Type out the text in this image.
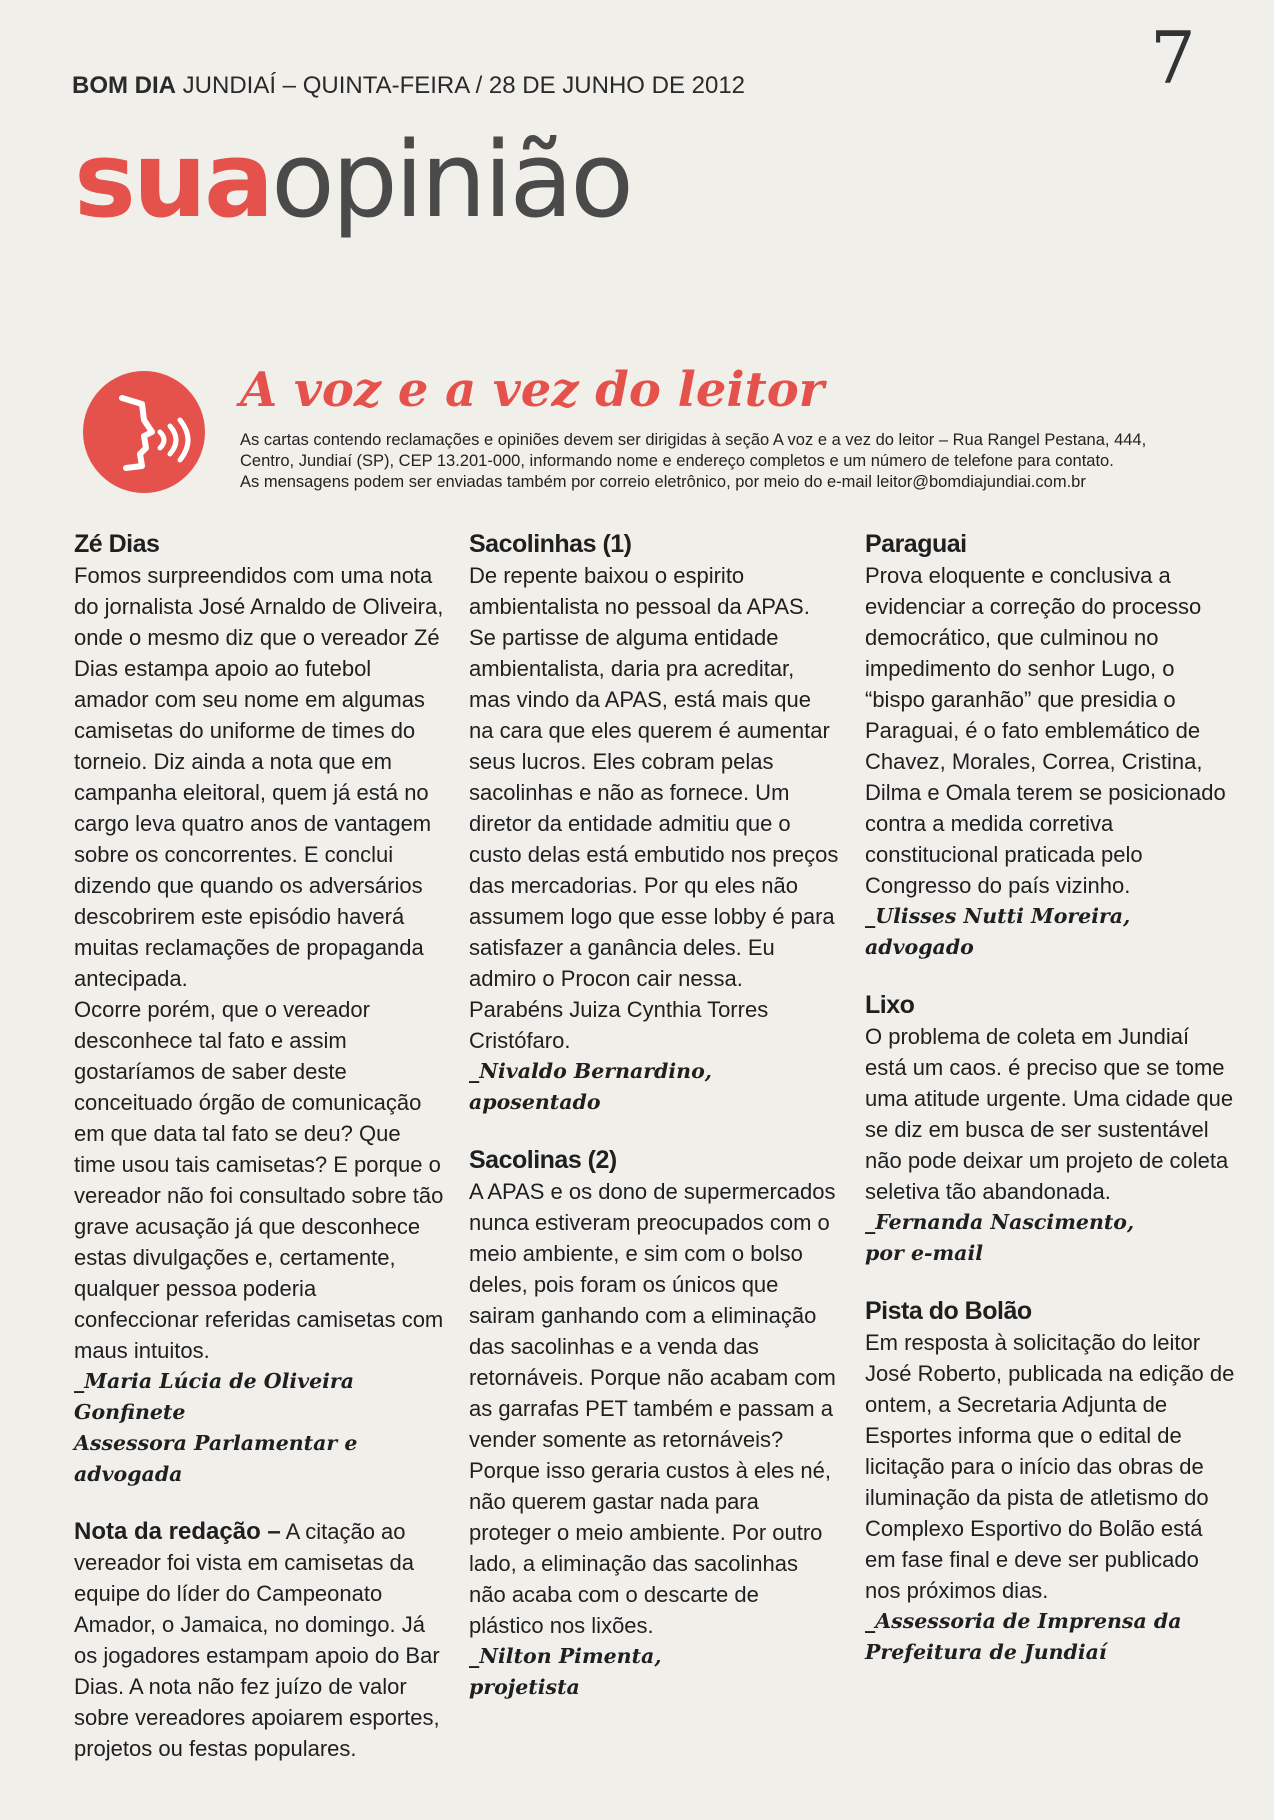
7
BOM DIA JUNDIAÍ – QUINTA-FEIRA / 28 DE JUNHO DE 2012
suaopinião
A voz e a vez do leitor

As cartas contendo reclamações e opiniões devem ser dirigidas à seção A voz e a vez do leitor – Rua Rangel Pestana, 444,

Centro, Jundiaí (SP), CEP 13.201-000, informando nome e endereço completos e um número de telefone para contato.

As mensagens podem ser enviadas também por correio eletrônico, por meio do e-mail leitor@bomdiajundiai.com.br

Zé Dias

Fomos surpreendidos com uma nota do jornalista José Arnaldo de Oliveira, onde o mesmo diz que o vereador Zé Dias estampa apoio ao futebol amador com seu nome em algumas camisetas do uniforme de times do torneio. Diz ainda a nota que em campanha eleitoral, quem já está no cargo leva quatro anos de vantagem sobre os concorrentes. E conclui dizendo que quando os adversários descobrirem este episódio haverá muitas reclamações de propaganda antecipada.

Ocorre porém, que o vereador desconhece tal fato e assim gostaríamos de saber deste conceituado órgão de comunicação em que data tal fato se deu? Que time usou tais camisetas? E porque o vereador não foi consultado sobre tão grave acusação já que desconhece estas divulgações e, certamente, qualquer pessoa poderia confeccionar referidas camisetas com maus intuitos.

_Maria Lúcia de Oliveira Gonfinete

Assessora Parlamentar e advogada

Nota da redação – A citação ao vereador foi vista em camisetas da equipe do líder do Campeonato Amador, o Jamaica, no domingo. Já os jogadores estampam apoio do Bar Dias. A nota não fez juízo de valor sobre vereadores apoiarem esportes, projetos ou festas populares.

Sacolinhas (1)

De repente baixou o espirito ambientalista no pessoal da APAS. Se partisse de alguma entidade ambientalista, daria pra acreditar, mas vindo da APAS, está mais que na cara que eles querem é aumentar seus lucros. Eles cobram pelas sacolinhas e não as fornece. Um diretor da entidade admitiu que o custo delas está embutido nos preços das mercadorias. Por qu eles não assumem logo que esse lobby é para satisfazer a ganância deles. Eu admiro o Procon cair nessa. Parabéns Juiza Cynthia Torres Cristófaro.

_Nivaldo Bernardino, aposentado

Sacolinas (2)

A APAS e os dono de supermercados nunca estiveram preocupados com o meio ambiente, e sim com o bolso deles, pois foram os únicos que sairam ganhando com a eliminação das sacolinhas e a venda das retornáveis. Porque não acabam com as garrafas PET também e passam a vender somente as retornáveis? Porque isso geraria custos à eles né, não querem gastar nada para proteger o meio ambiente. Por outro lado, a eliminação das sacolinhas não acaba com o descarte de plástico nos lixões.

_Nilton Pimenta,

projetista

Paraguai

Prova eloquente e conclusiva a evidenciar a correção do processo democrático, que culminou no impedimento do senhor Lugo, o “bispo garanhão” que presidia o Paraguai, é o fato emblemático de Chavez, Morales, Correa, Cristina, Dilma e Omala terem se posicionado contra a medida corretiva constitucional praticada pelo Congresso do país vizinho.

_Ulisses Nutti Moreira,

advogado

Lixo

O problema de coleta em Jundiaí está um caos. é preciso que se tome uma atitude urgente. Uma cidade que se diz em busca de ser sustentável não pode deixar um projeto de coleta seletiva tão abandonada.

_Fernanda Nascimento,

por e-mail

Pista do Bolão

Em resposta à solicitação do leitor José Roberto, publicada na edição de ontem, a Secretaria Adjunta de Esportes informa que o edital de licitação para o início das obras de iluminação da pista de atletismo do Complexo Esportivo do Bolão está em fase final e deve ser publicado nos próximos dias.

_Assessoria de Imprensa da

Prefeitura de Jundiaí
